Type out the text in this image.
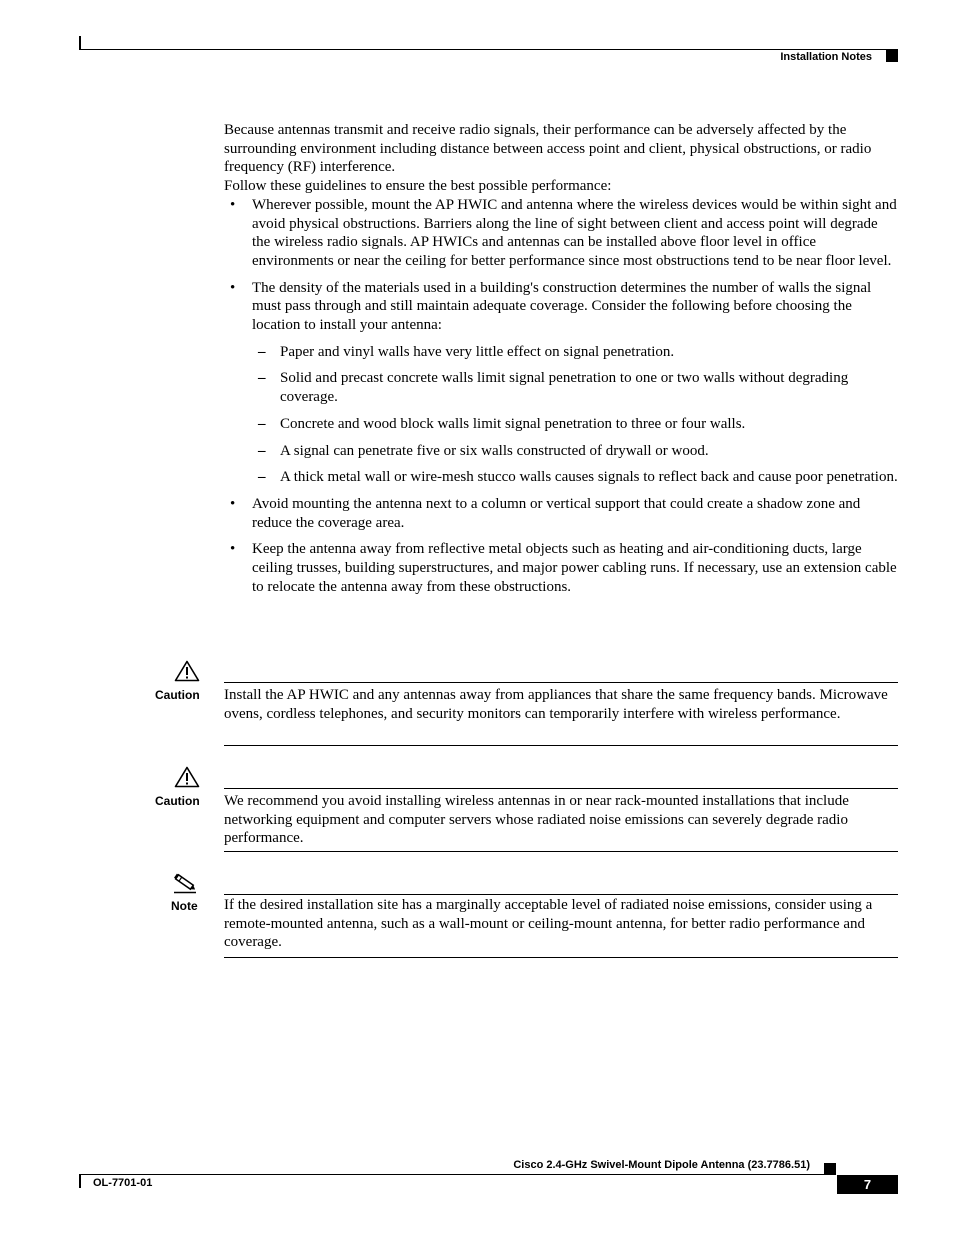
Installation Notes

Because antennas transmit and receive radio signals, their performance can be adversely affected by the surrounding environment including distance between access point and client, physical obstructions, or radio frequency (RF) interference.

Follow these guidelines to ensure the best possible performance:

• Wherever possible, mount the AP HWIC and antenna where the wireless devices would be within sight and avoid physical obstructions. Barriers along the line of sight between client and access point will degrade the wireless radio signals. AP HWICs and antennas can be installed above floor level in office environments or near the ceiling for better performance since most obstructions tend to be near floor level.
• The density of the materials used in a building's construction determines the number of walls the signal must pass through and still maintain adequate coverage. Consider the following before choosing the location to install your antenna:
– Paper and vinyl walls have very little effect on signal penetration.
– Solid and precast concrete walls limit signal penetration to one or two walls without degrading coverage.
– Concrete and wood block walls limit signal penetration to three or four walls.
– A signal can penetrate five or six walls constructed of drywall or wood.
– A thick metal wall or wire-mesh stucco walls causes signals to reflect back and cause poor penetration.
• Avoid mounting the antenna next to a column or vertical support that could create a shadow zone and reduce the coverage area.
• Keep the antenna away from reflective metal objects such as heating and air-conditioning ducts, large ceiling trusses, building superstructures, and major power cabling runs. If necessary, use an extension cable to relocate the antenna away from these obstructions.
Caution Install the AP HWIC and any antennas away from appliances that share the same frequency bands. Microwave ovens, cordless telephones, and security monitors can temporarily interfere with wireless performance.
Caution We recommend you avoid installing wireless antennas in or near rack-mounted installations that include networking equipment and computer servers whose radiated noise emissions can severely degrade radio performance.
Note If the desired installation site has a marginally acceptable level of radiated noise emissions, consider using a remote-mounted antenna, such as a wall-mount or ceiling-mount antenna, for better radio performance and coverage.
Cisco 2.4-GHz Swivel-Mount Dipole Antenna (23.7786.51)
OL-7701-01	7
